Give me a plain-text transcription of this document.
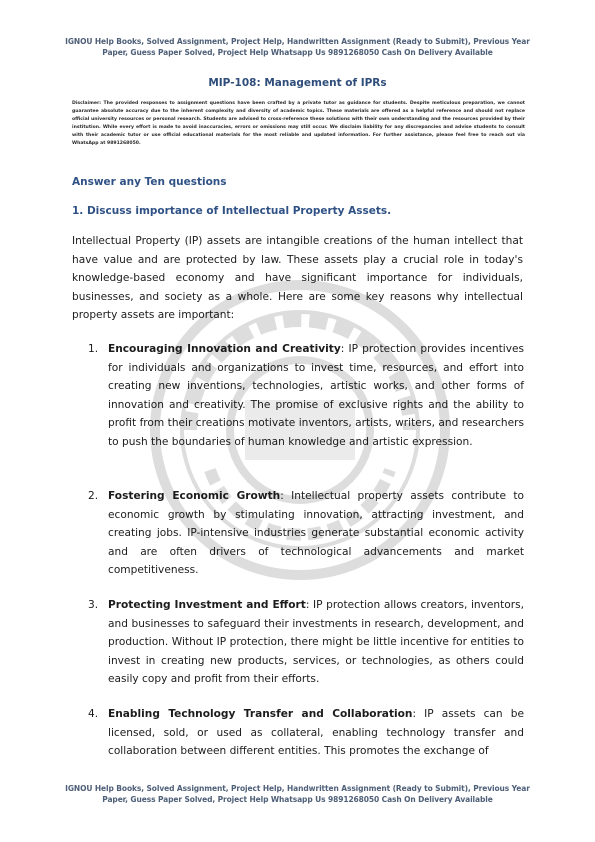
IGNOU Help Books, Solved Assignment, Project Help, Handwritten Assignment (Ready to Submit), Previous Year Paper, Guess Paper Solved, Project Help Whatsapp Us 9891268050 Cash On Delivery Available
MIP-108: Management of IPRs
Disclaimer: The provided responses to assignment questions have been crafted by a private tutor as guidance for students. Despite meticulous preparation, we cannot guarantee absolute accuracy due to the inherent complexity and diversity of academic topics. These materials are offered as a helpful reference and should not replace official university resources or personal research. Students are advised to cross-reference these solutions with their own understanding and the resources provided by their institution. While every effort is made to avoid inaccuracies, errors or omissions may still occur. We disclaim liability for any discrepancies and advise students to consult with their academic tutor or use official educational materials for the most reliable and updated information. For further assistance, please feel free to reach out via WhatsApp at 9891268050.
Answer any Ten questions
1. Discuss importance of Intellectual Property Assets.

Intellectual Property (IP) assets are intangible creations of the human intellect that have value and are protected by law. These assets play a crucial role in today's knowledge-based economy and have significant importance for individuals, businesses, and society as a whole. Here are some key reasons why intellectual property assets are important:

1. Encouraging Innovation and Creativity: IP protection provides incentives for individuals and organizations to invest time, resources, and effort into creating new inventions, technologies, artistic works, and other forms of innovation and creativity. The promise of exclusive rights and the ability to profit from their creations motivate inventors, artists, writers, and researchers to push the boundaries of human knowledge and artistic expression.
2. Fostering Economic Growth: Intellectual property assets contribute to economic growth by stimulating innovation, attracting investment, and creating jobs. IP-intensive industries generate substantial economic activity and are often drivers of technological advancements and market competitiveness.
3. Protecting Investment and Effort: IP protection allows creators, inventors, and businesses to safeguard their investments in research, development, and production. Without IP protection, there might be little incentive for entities to invest in creating new products, services, or technologies, as others could easily copy and profit from their efforts.
4. Enabling Technology Transfer and Collaboration: IP assets can be licensed, sold, or used as collateral, enabling technology transfer and collaboration between different entities. This promotes the exchange of
IGNOU Help Books, Solved Assignment, Project Help, Handwritten Assignment (Ready to Submit), Previous Year Paper, Guess Paper Solved, Project Help Whatsapp Us 9891268050 Cash On Delivery Available
